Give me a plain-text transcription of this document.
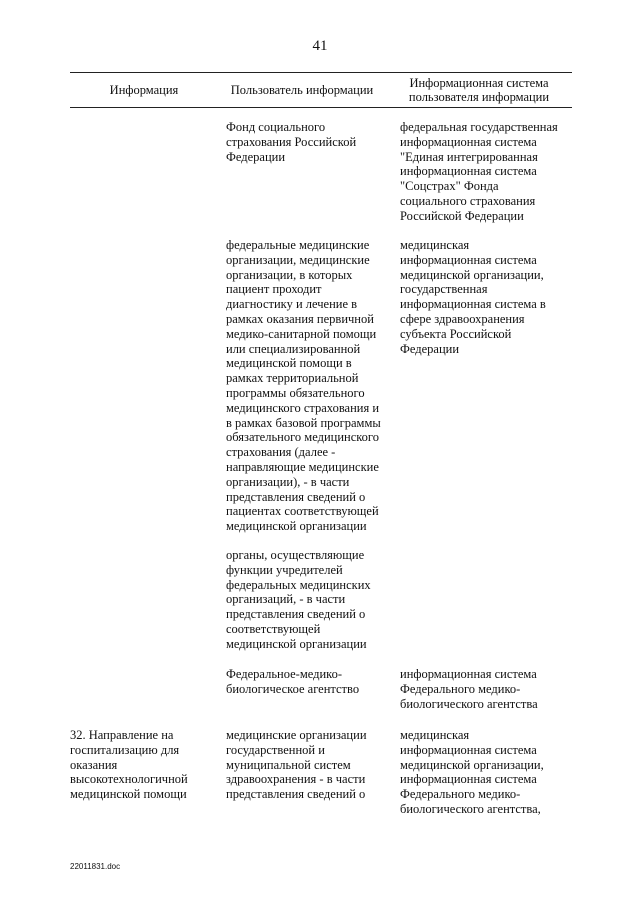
41
Информация	Пользователь информации	Информационная система
пользователя информации
Фонд социального
страхования Российской
Федерации
федеральная государственная
информационная система
"Единая интегрированная
информационная система
"Соцстрах" Фонда
социального страхования
Российской Федерации
федеральные медицинские
организации, медицинские
организации, в которых
пациент проходит
диагностику и лечение в
рамках оказания первичной
медико-санитарной помощи
или специализированной
медицинской помощи в
рамках территориальной
программы обязательного
медицинского страхования и
в рамках базовой программы
обязательного медицинского
страхования (далее -
направляющие медицинские
организации), - в части
представления сведений о
пациентах соответствующей
медицинской организации
медицинская
информационная система
медицинской организации,
государственная
информационная система в
сфере здравоохранения
субъекта Российской
Федерации
органы, осуществляющие
функции учредителей
федеральных медицинских
организаций, - в части
представления сведений о
соответствующей
медицинской организации
Федеральное-медико-
биологическое агентство
информационная система
Федерального медико-
биологического агентства
32. Направление на
госпитализацию для
оказания
высокотехнологичной
медицинской помощи
медицинские организации
государственной и
муниципальной систем
здравоохранения - в части
представления сведений о
медицинская
информационная система
медицинской организации,
информационная система
Федерального медико-
биологического агентства,
22011831.doc
